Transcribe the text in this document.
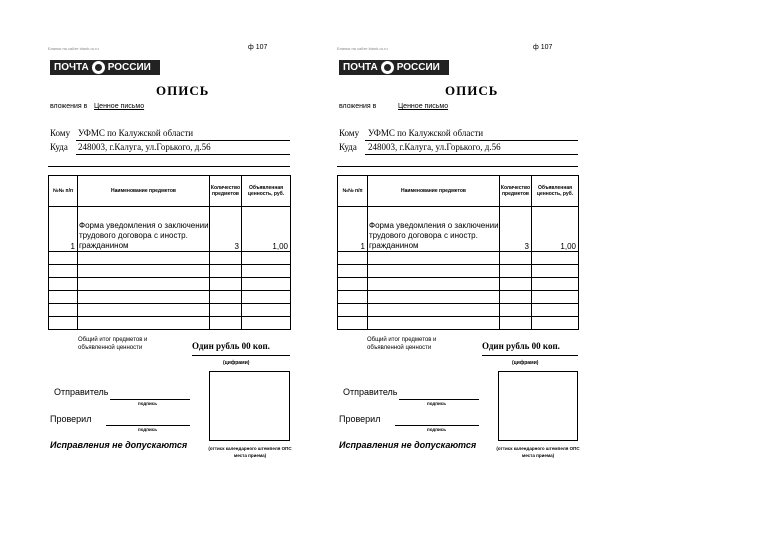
Бланки на сайте blank-ru.ru	ф 107
ПОЧТА РОССИИ
ОПИСЬ
вложения в Ценное письмо
Кому УФМС по Калужской области
Куда 248003, г.Калуга, ул.Горького, д.56
№№ п/п	Наименование предметов	Количество предметов	Объявленная ценность, руб.
1	Форма уведомления о заключении трудового договора с иностр. гражданином	3	1,00

Общий итог предметов и объявленной ценности	Один рубль 00 коп.
(цифрами)
Отправитель
подпись
Проверил
подпись
Исправления не допускаются	(оттиск календарного штемпеля ОПС места приема)
Бланки на сайте blank-ru.ru	ф 107
ПОЧТА РОССИИ
ОПИСЬ
вложения в	Ценное письмо
Кому УФМС по Калужской области
Куда 248003, г.Калуга, ул.Горького, д.56
№№ п/п	Наименование предметов	Количество предметов	Объявленная ценность, руб.
1	Форма уведомления о заключении трудового договора с иностр. гражданином	3	1,00

Общий итог предметов и объявленной ценности	Один рубль 00 коп.
(цифрами)
Отправитель
подпись
Проверил
подпись
Исправления не допускаются	(оттиск календарного штемпеля ОПС места приема)
